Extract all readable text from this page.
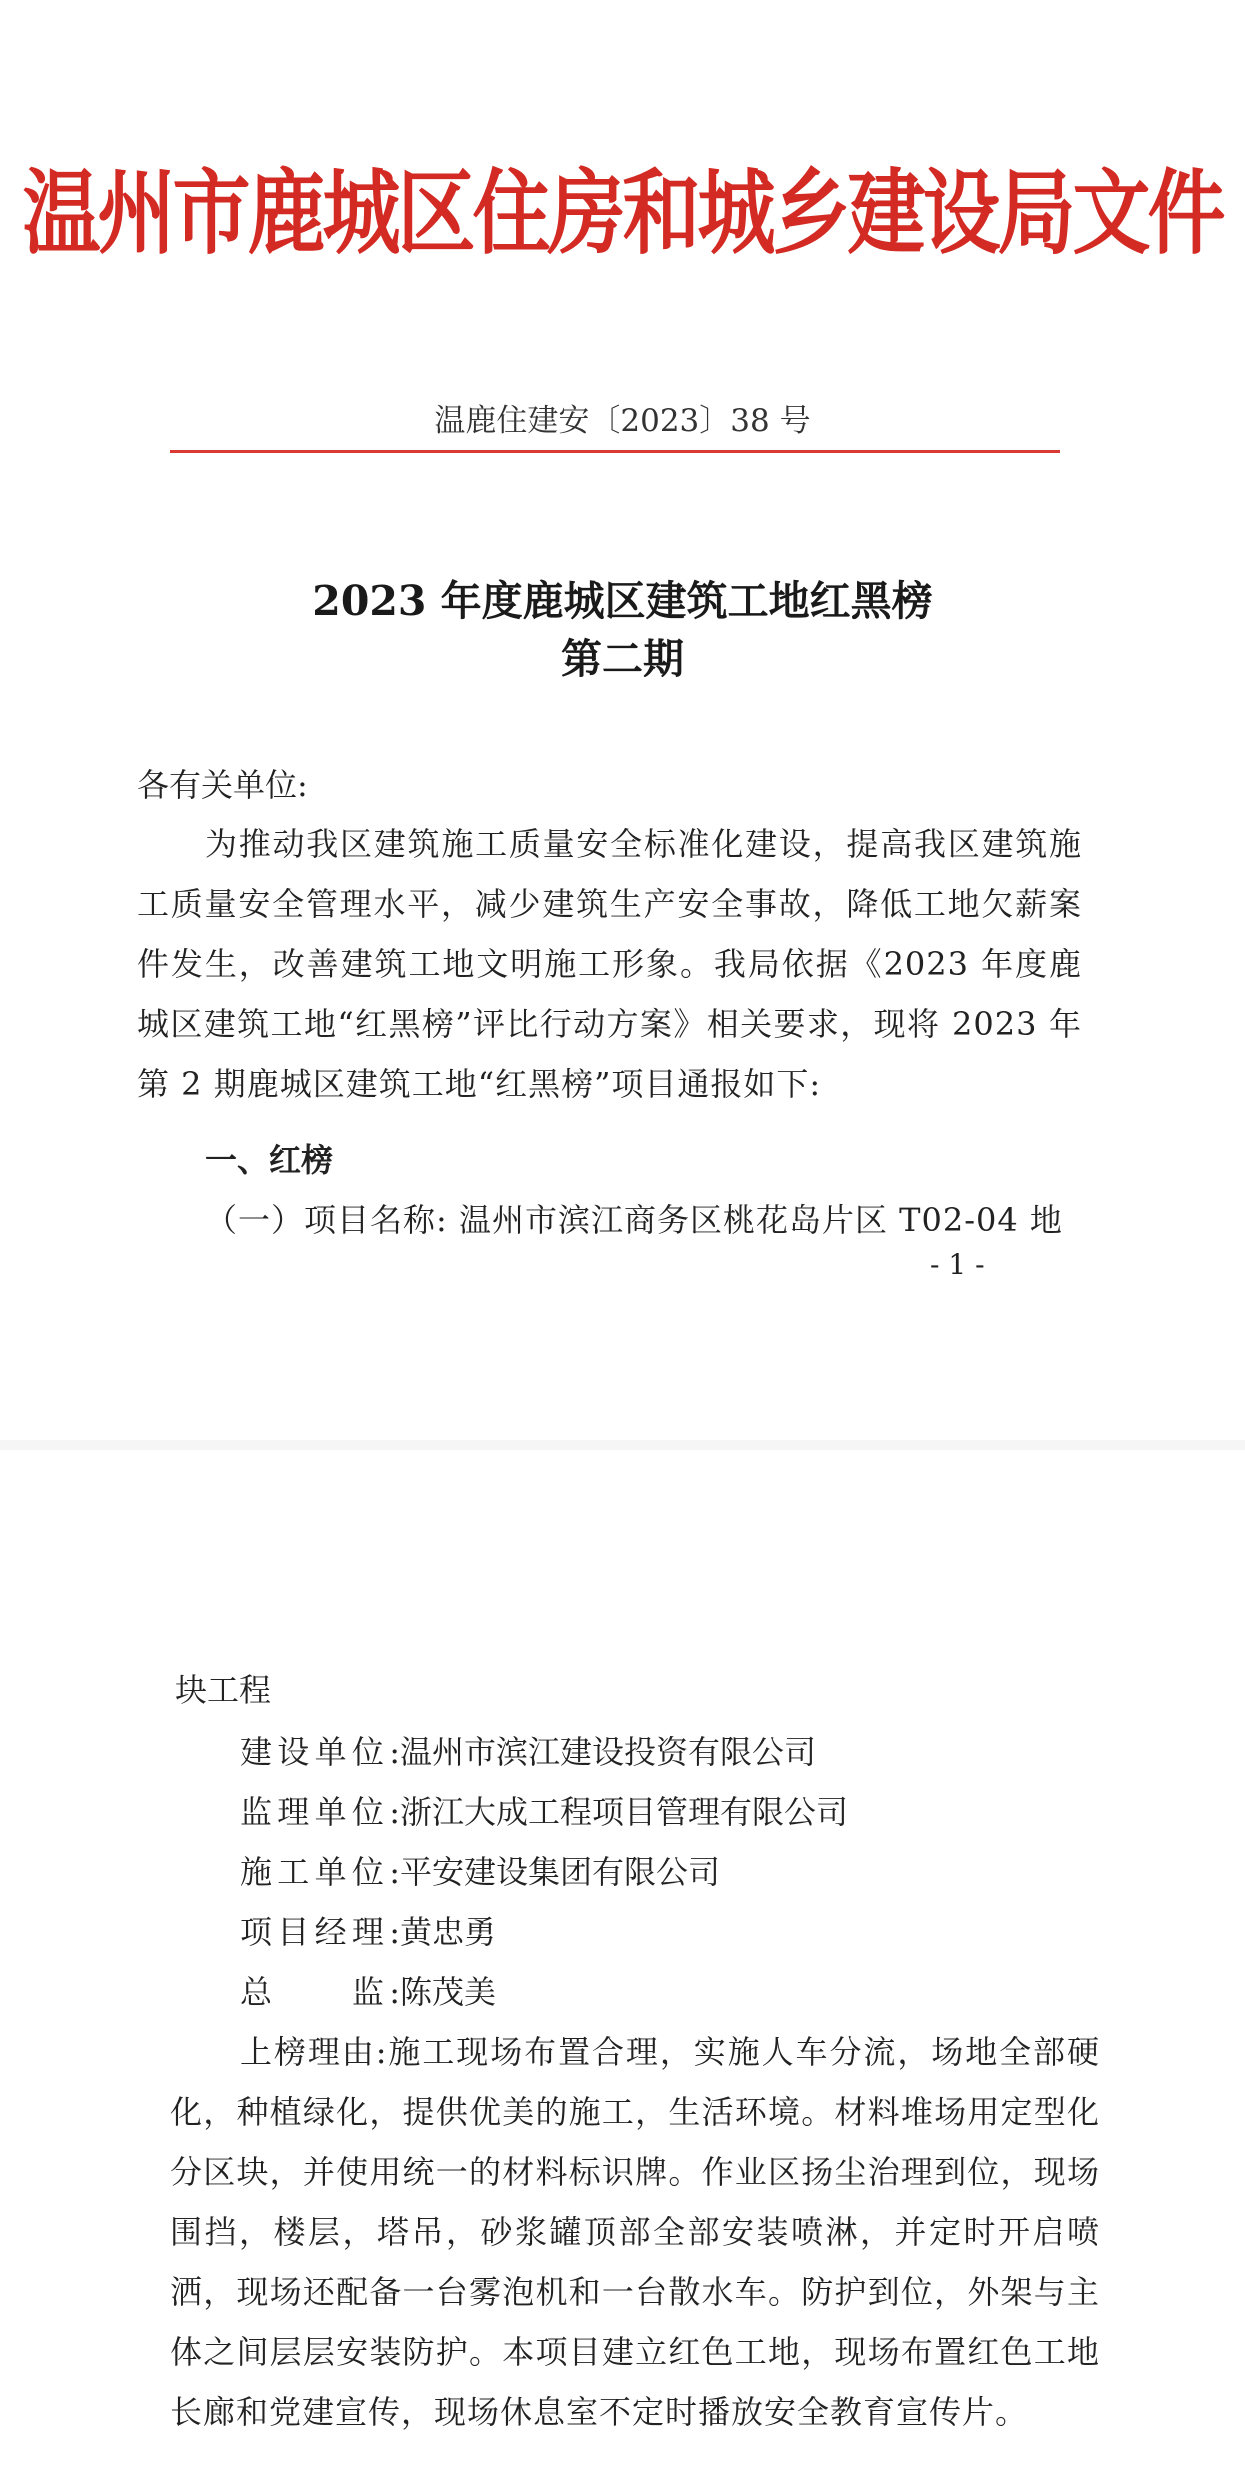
温州市鹿城区住房和城乡建设局文件
温鹿住建安〔2023〕38 号
2023 年度鹿城区建筑工地红黑榜
第二期
各有关单位:
为推动我区建筑施工质量安全标准化建设，提高我区建筑施工质量安全管理水平，减少建筑生产安全事故，降低工地欠薪案件发生，改善建筑工地文明施工形象。我局依据《2023 年度鹿城区建筑工地“红黑榜”评比行动方案》相关要求，现将 2023 年第 2 期鹿城区建筑工地“红黑榜”项目通报如下:
一、红榜
（一）项目名称: 温州市滨江商务区桃花岛片区 T02-04 地
- 1 -
块工程
建设单位:温州市滨江建设投资有限公司
监理单位:浙江大成工程项目管理有限公司
施工单位:平安建设集团有限公司
项目经理:黄忠勇
总　　监:陈茂美
上榜理由:施工现场布置合理，实施人车分流，场地全部硬化，种植绿化，提供优美的施工，生活环境。材料堆场用定型化分区块，并使用统一的材料标识牌。作业区扬尘治理到位，现场围挡，楼层，塔吊，砂浆罐顶部全部安装喷淋，并定时开启喷洒，现场还配备一台雾泡机和一台散水车。防护到位，外架与主体之间层层安装防护。本项目建立红色工地，现场布置红色工地长廊和党建宣传，现场休息室不定时播放安全教育宣传片。
